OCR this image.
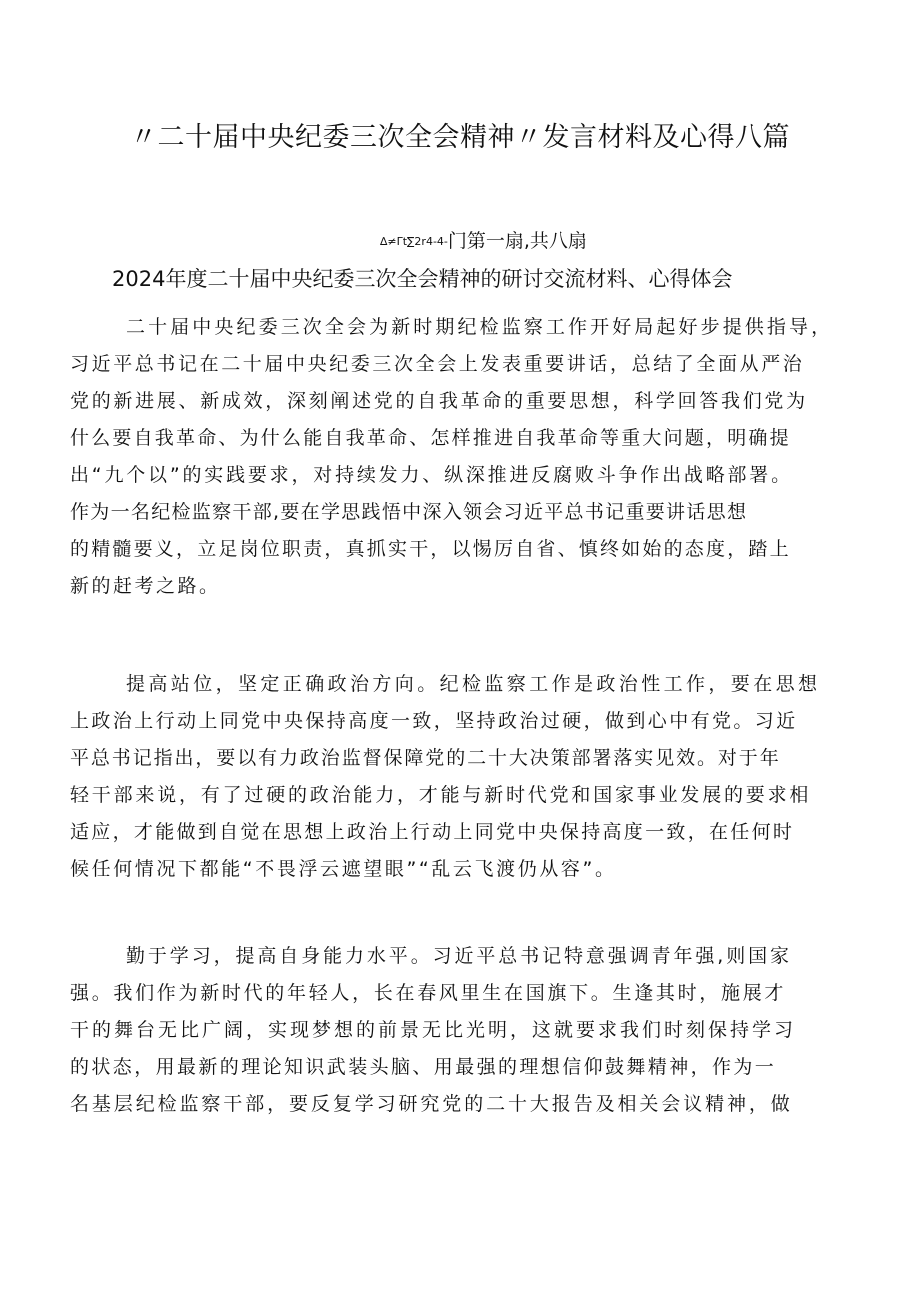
〃二十届中央纪委三次全会精神〃发言材料及心得八篇
∆≠Γt∑2r4-4-门第一扇,共八扇
2024年度二十届中央纪委三次全会精神的研讨交流材料、心得体会
二十届中央纪委三次全会为新时期纪检监察工作开好局起好步提供指导，
习近平总书记在二十届中央纪委三次全会上发表重要讲话，总结了全面从严治
党的新进展、新成效，深刻阐述党的自我革命的重要思想，科学回答我们党为
什么要自我革命、为什么能自我革命、怎样推进自我革命等重大问题，明确提
出“九个以”的实践要求，对持续发力、纵深推进反腐败斗争作出战略部署。
作为一名纪检监察干部,要在学思践悟中深入领会习近平总书记重要讲话思想
的精髓要义，立足岗位职责，真抓实干，以惕厉自省、慎终如始的态度，踏上
新的赶考之路。
提高站位，坚定正确政治方向。纪检监察工作是政治性工作，要在思想
上政治上行动上同党中央保持高度一致，坚持政治过硬，做到心中有党。习近
平总书记指出，要以有力政治监督保障党的二十大决策部署落实见效。对于年
轻干部来说，有了过硬的政治能力，才能与新时代党和国家事业发展的要求相
适应，才能做到自觉在思想上政治上行动上同党中央保持高度一致，在任何时
候任何情况下都能“不畏浮云遮望眼”“乱云飞渡仍从容”。
勤于学习，提高自身能力水平。习近平总书记特意强调青年强,则国家
强。我们作为新时代的年轻人，长在春风里生在国旗下。生逢其时，施展才
干的舞台无比广阔，实现梦想的前景无比光明，这就要求我们时刻保持学习
的状态，用最新的理论知识武装头脑、用最强的理想信仰鼓舞精神，作为一
名基层纪检监察干部，要反复学习研究党的二十大报告及相关会议精神，做
